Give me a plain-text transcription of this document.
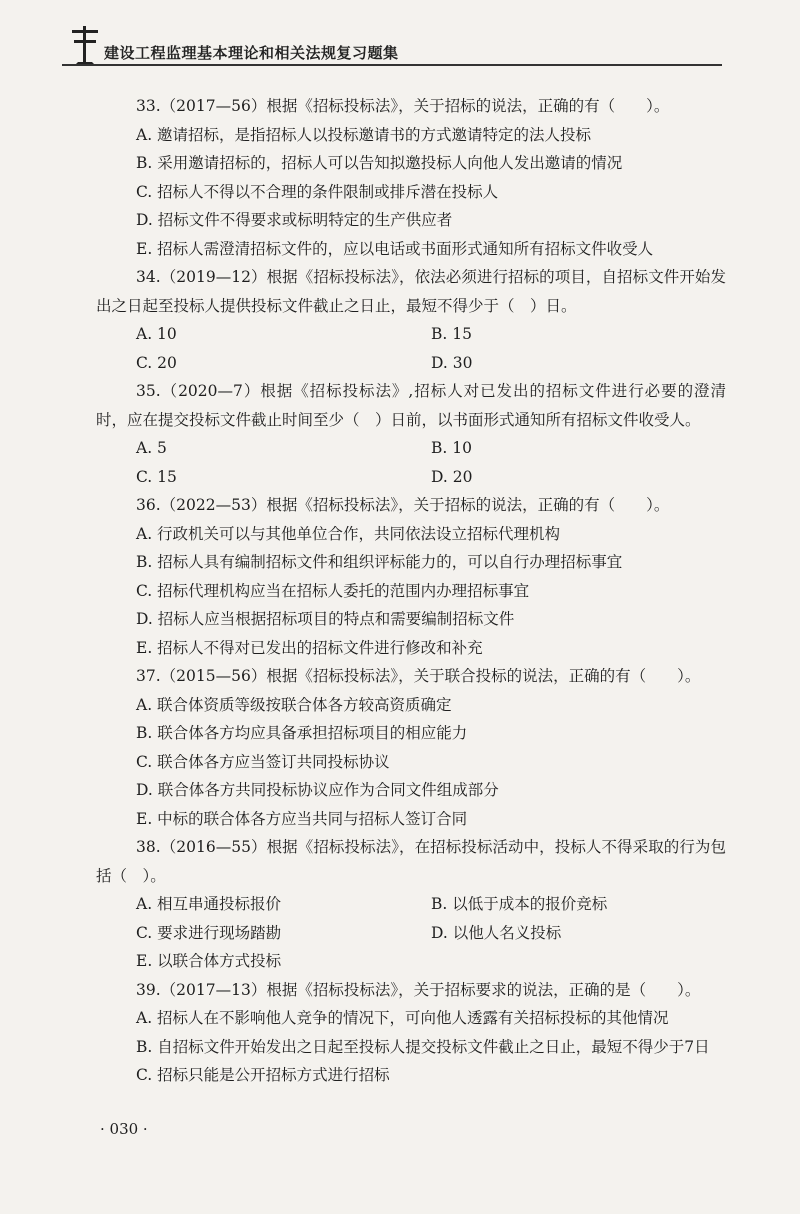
建设工程监理基本理论和相关法规复习题集
33.（2017—56）根据《招标投标法》，关于招标的说法，正确的有（　　）。
A. 邀请招标，是指招标人以投标邀请书的方式邀请特定的法人投标
B. 采用邀请招标的，招标人可以告知拟邀投标人向他人发出邀请的情况
C. 招标人不得以不合理的条件限制或排斥潜在投标人
D. 招标文件不得要求或标明特定的生产供应者
E. 招标人需澄清招标文件的，应以电话或书面形式通知所有招标文件收受人
34.（2019—12）根据《招标投标法》，依法必须进行招标的项目，自招标文件开始发出之日起至投标人提供投标文件截止之日止，最短不得少于（　）日。
A. 10	B. 15
C. 20	D. 30
35.（2020—7）根据《招标投标法》,招标人对已发出的招标文件进行必要的澄清时，应在提交投标文件截止时间至少（　）日前，以书面形式通知所有招标文件收受人。
A. 5	B. 10
C. 15	D. 20
36.（2022—53）根据《招标投标法》，关于招标的说法，正确的有（　　）。
A. 行政机关可以与其他单位合作，共同依法设立招标代理机构
B. 招标人具有编制招标文件和组织评标能力的，可以自行办理招标事宜
C. 招标代理机构应当在招标人委托的范围内办理招标事宜
D. 招标人应当根据招标项目的特点和需要编制招标文件
E. 招标人不得对已发出的招标文件进行修改和补充
37.（2015—56）根据《招标投标法》，关于联合投标的说法，正确的有（　　）。
A. 联合体资质等级按联合体各方较高资质确定
B. 联合体各方均应具备承担招标项目的相应能力
C. 联合体各方应当签订共同投标协议
D. 联合体各方共同投标协议应作为合同文件组成部分
E. 中标的联合体各方应当共同与招标人签订合同
38.（2016—55）根据《招标投标法》，在招标投标活动中，投标人不得采取的行为包括（　）。
A. 相互串通投标报价	B. 以低于成本的报价竞标
C. 要求进行现场踏勘	D. 以他人名义投标
E. 以联合体方式投标
39.（2017—13）根据《招标投标法》，关于招标要求的说法，正确的是（　　）。
A. 招标人在不影响他人竞争的情况下，可向他人透露有关招标投标的其他情况
B. 自招标文件开始发出之日起至投标人提交投标文件截止之日止，最短不得少于7日
C. 招标只能是公开招标方式进行招标
· 030 ·
